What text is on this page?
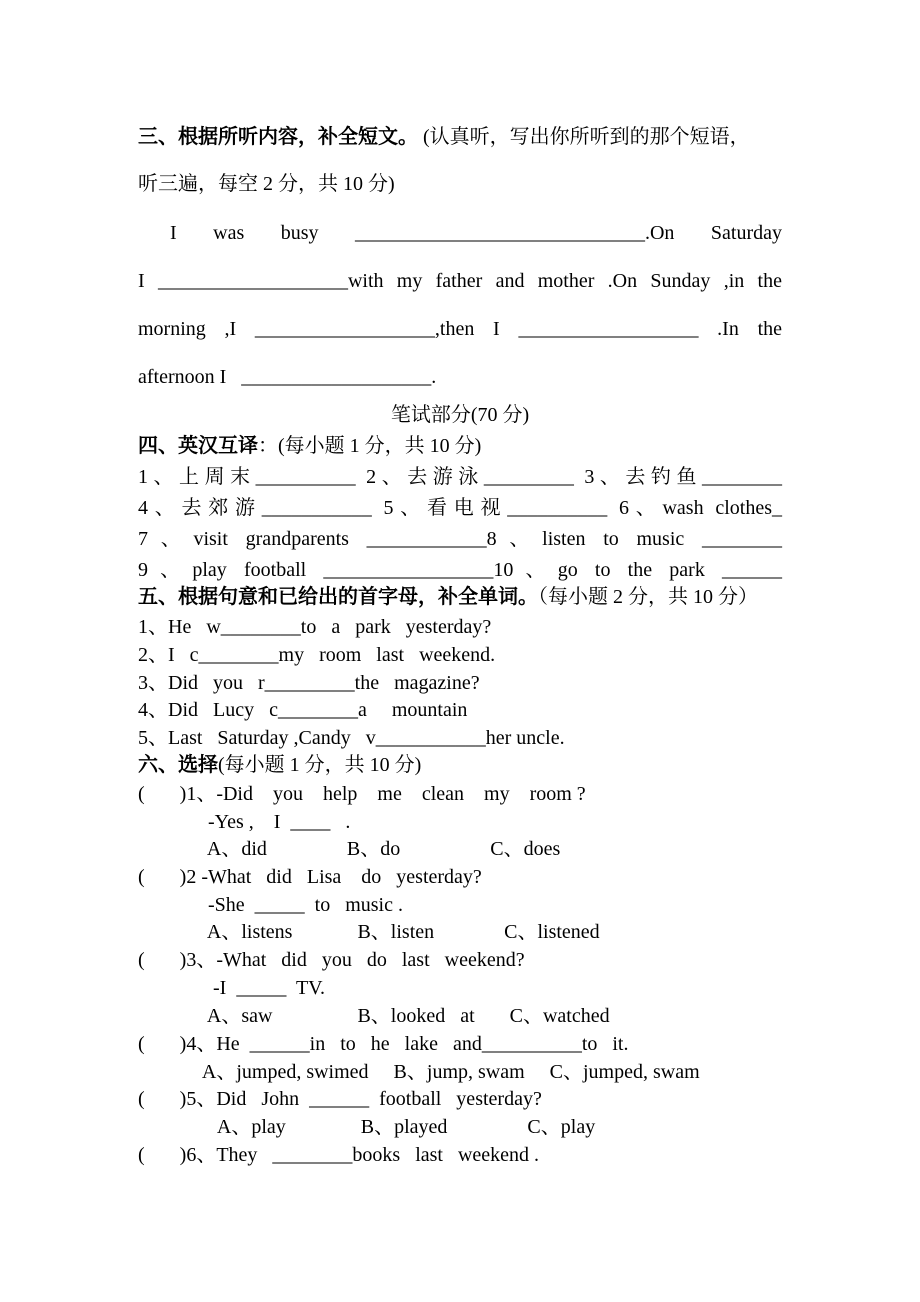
三、根据所听内容，补全短文。 (认真听，写出你所听到的那个短语，
听三遍，每空 2 分，共 10 分)
I was busy _____________________________.On Saturday
I ___________________with my father and mother .On Sunday ,in the
morning ,I __________________,then I __________________ .In the
afternoon I   ___________________.
笔试部分(70 分)
四、英汉互译：(每小题 1 分，共 10 分)
1、上周末__________ 2、去游泳_________ 3、去钓鱼________
4、去郊游___________ 5、看电视__________ 6、wash clothes_
7、visit grandparents ____________8、listen to music ________
9、play football _________________10、go to the park ______
五、根据句意和已给出的首字母，补全单词。（每小题 2 分，共 10 分）
1、He   w________to   a   park   yesterday?
2、I   c________my   room   last   weekend.
3、Did   you   r_________the   magazine?
4、Did   Lucy   c________a     mountain
5、Last   Saturday ,Candy   v___________her uncle.
六、选择(每小题 1 分，共 10 分)
(       )1、-Did    you    help    me    clean    my    room ?
-Yes ,    I  ____   .
A、did                B、do                  C、does
(       )2 -What   did   Lisa    do   yesterday?
-She  _____  to   music .
A、listens             B、listen              C、listened
(       )3、-What   did   you   do   last   weekend?
-I  _____  TV.
A、saw                 B、looked   at       C、watched
(       )4、He  ______in   to   he   lake   and__________to   it.
A、jumped, swimed     B、jump, swam     C、jumped, swam
(       )5、Did   John  ______  football   yesterday?
A、play               B、played                C、play
(       )6、They   ________books   last   weekend .
